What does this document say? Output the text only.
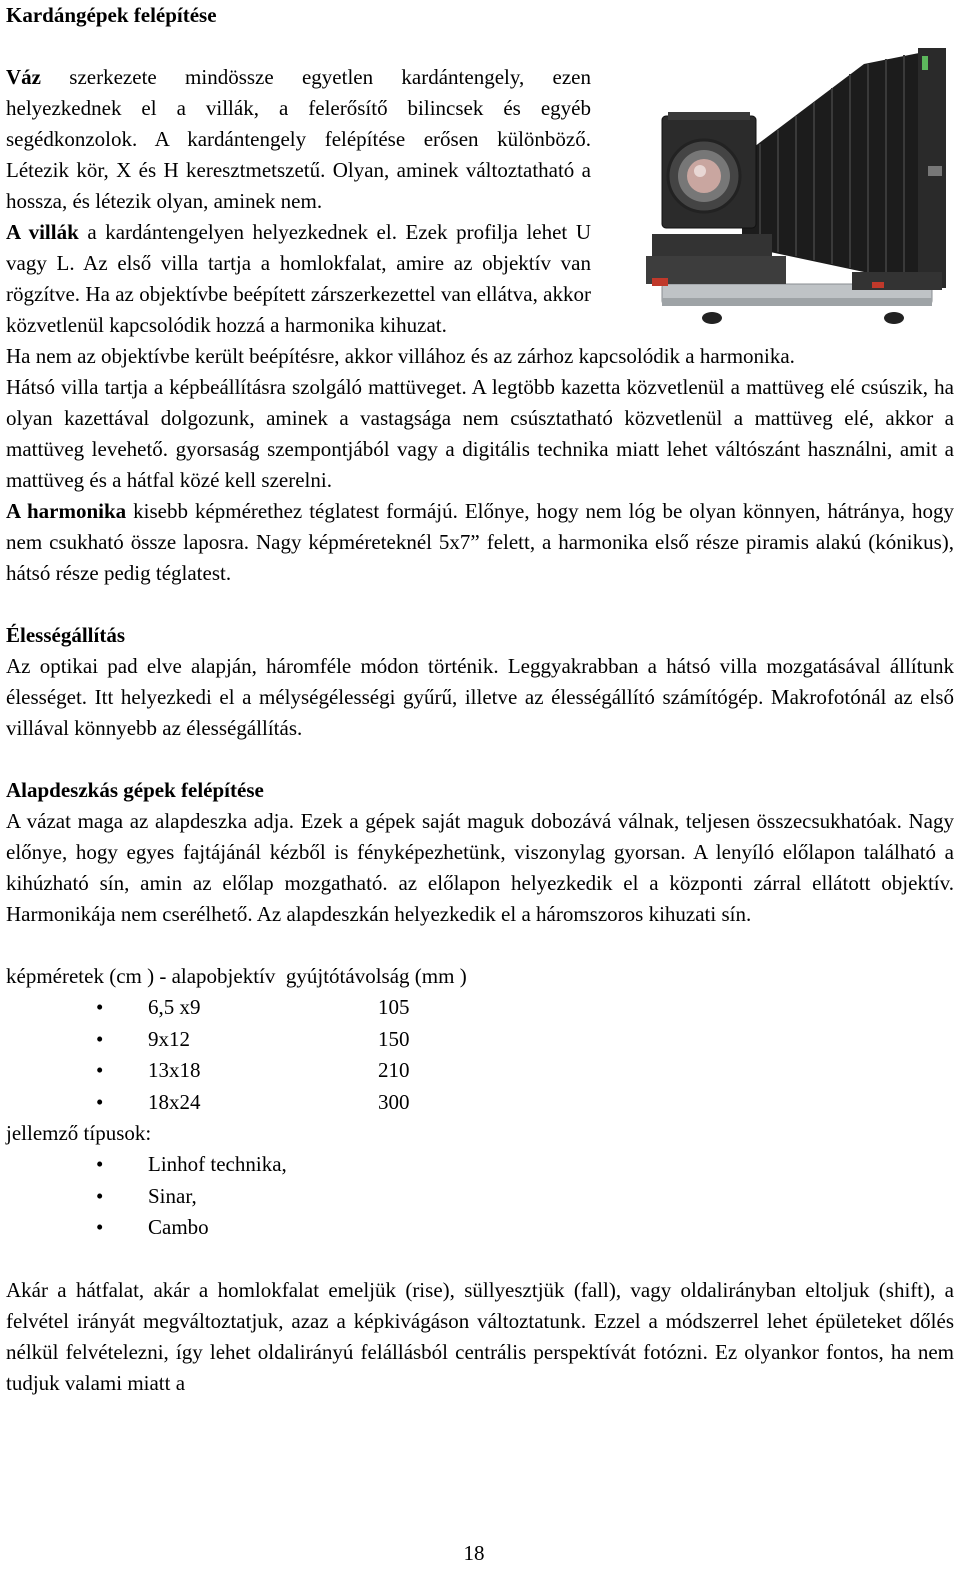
Kardángépek felépítése

Váz szerkezete mindössze egyetlen kardántengely, ezen helyezkednek el a villák, a felerősítő bilincsek és egyéb segédkonzolok. A kardántengely felépítése erősen különböző. Létezik kör, X és H keresztmetszetű. Olyan, aminek változtatható a hossza, és létezik olyan, aminek nem.

A villák a kardántengelyen helyezkednek el. Ezek profilja lehet U vagy L. Az első villa tartja a homlokfalat, amire az objektív van rögzítve. Ha az objektívbe beépített zárszerkezettel van ellátva, akkor közvetlenül kapcsolódik hozzá a harmonika kihuzat.

Ha nem az objektívbe került beépítésre, akkor villához és az zárhoz kapcsolódik a harmonika.

Hátsó villa tartja a képbeállításra szolgáló mattüveget. A legtöbb kazetta közvetlenül a mattüveg elé csúszik, ha olyan kazettával dolgozunk, aminek a vastagsága nem csúsztatható közvetlenül a mattüveg elé, akkor a mattüveg levehető. gyorsaság szempontjából vagy a digitális technika miatt lehet váltószánt használni, amit a mattüveg és a hátfal közé kell szerelni.

A harmonika kisebb képmérethez téglatest formájú. Előnye, hogy nem lóg be olyan könnyen, hátránya, hogy nem csukható össze laposra. Nagy képméreteknél 5x7” felett, a harmonika első része piramis alakú (kónikus), hátsó része pedig téglatest.

Élességállítás

Az optikai pad elve alapján, háromféle módon történik. Leggyakrabban a hátsó villa mozgatásával állítunk élességet. Itt helyezkedi el a mélységélességi gyűrű, illetve az élességállító számítógép. Makrofotónál az első villával könnyebb az élességállítás.

Alapdeszkás gépek felépítése

A vázat maga az alapdeszka adja. Ezek a gépek saját maguk dobozává válnak, teljesen összecsukhatóak. Nagy előnye, hogy egyes fajtájánál kézből is fényképezhetünk, viszonylag gyorsan. A lenyíló előlapon található a kihúzható sín, amin az előlap mozgatható. az előlapon helyezkedik el a központi zárral ellátott objektív. Harmonikája nem cserélhető. Az alapdeszkán helyezkedik el a háromszoros kihuzati sín.

képméretek (cm ) - alapobjektív  gyújtótávolság (mm )

• 6,5 x9	105
• 9x12	150
• 13x18	210
• 18x24	300

jellemző típusok:

• Linhof technika,
• Sinar,
• Cambo

Akár a hátfalat, akár a homlokfalat emeljük (rise), süllyesztjük (fall), vagy oldalirányban eltoljuk (shift), a felvétel irányát megváltoztatjuk, azaz a képkivágáson változtatunk. Ezzel a módszerrel lehet épületeket dőlés nélkül felvételezni, így lehet oldalirányú felállásból centrális perspektívát fotózni. Ez olyankor fontos, ha nem tudjuk valami miatt a

18
